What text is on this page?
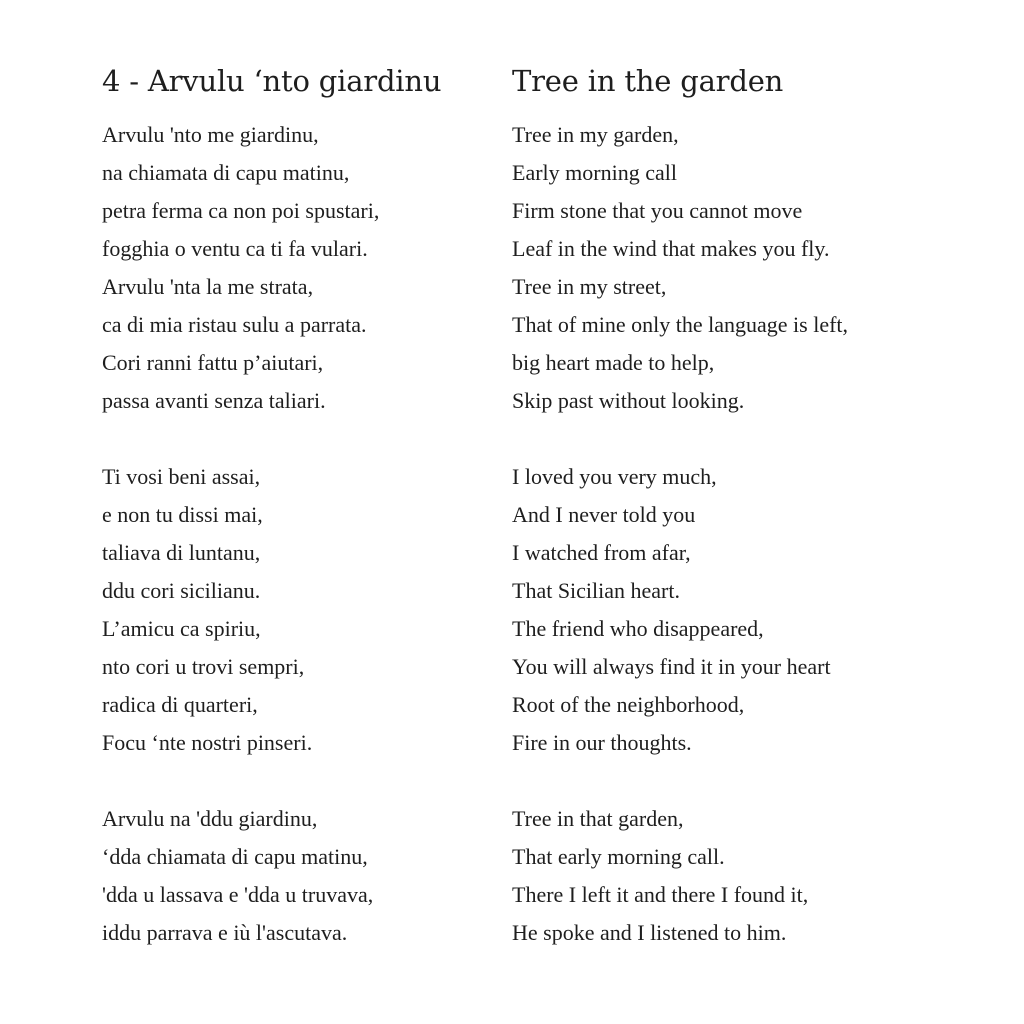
4 - Arvulu ‘nto giardinu
Arvulu 'nto me giardinu,
na chiamata di capu matinu,
petra ferma ca non poi spustari,
fogghia o ventu ca ti fa vulari.
Arvulu 'nta la me strata,
ca di mia ristau sulu a parrata.
Cori ranni fattu p’aiutari,
passa avanti senza taliari.
Ti vosi beni assai,
e non tu dissi mai,
taliava di luntanu,
ddu cori sicilianu.
L’amicu ca spiriu,
nto cori u trovi sempri,
radica di quarteri,
Focu ‘nte nostri pinseri.
Arvulu na 'ddu giardinu,
‘dda chiamata di capu matinu,
'dda u lassava e 'dda u truvava,
iddu parrava e iù l'ascutava.
Tree in the garden
Tree in my garden,
Early morning call
Firm stone that you cannot move
Leaf in the wind that makes you fly.
Tree in my street,
That of mine only the language is left,
big heart made to help,
Skip past without looking.
I loved you very much,
And I never told you
I watched from afar,
That Sicilian heart.
The friend who disappeared,
You will always find it in your heart
Root of the neighborhood,
Fire in our thoughts.
Tree in that garden,
That early morning call.
There I left it and there I found it,
He spoke and I listened to him.
